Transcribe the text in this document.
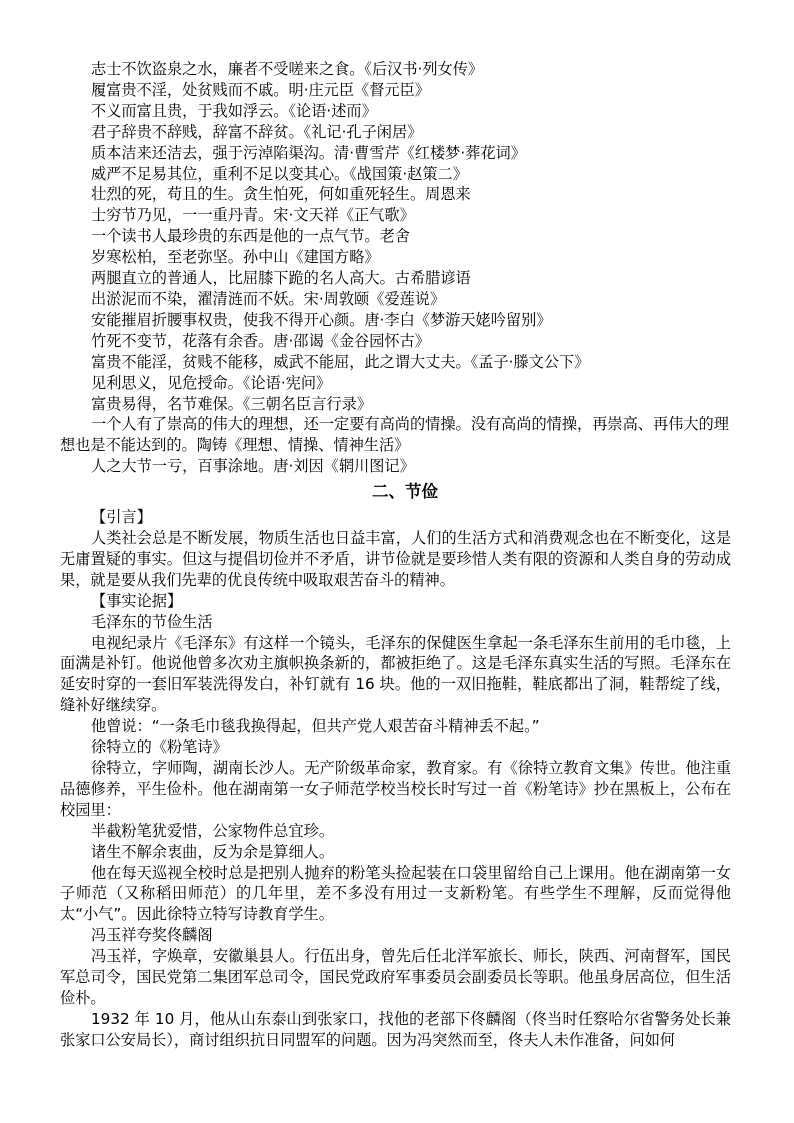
志士不饮盗泉之水，廉者不受嗟来之食。《后汉书·列女传》
履富贵不淫，处贫贱而不戚。明·庄元臣《督元臣》
不义而富且贵，于我如浮云。《论语·述而》
君子辞贵不辞贱，辞富不辞贫。《礼记·孔子闲居》
质本洁来还洁去，强于污淖陷渠沟。清·曹雪芹《红楼梦·葬花词》
威严不足易其位，重利不足以变其心。《战国策·赵策二》
壮烈的死，苟且的生。贪生怕死，何如重死轻生。周恩来
士穷节乃见，一一重丹青。宋·文天祥《正气歌》
一个读书人最珍贵的东西是他的一点气节。老舍
岁寒松柏，至老弥坚。孙中山《建国方略》
两腿直立的普通人，比屈膝下跪的名人高大。古希腊谚语
出淤泥而不染，濯清涟而不妖。宋·周敦颐《爱莲说》
安能摧眉折腰事权贵，使我不得开心颜。唐·李白《梦游天姥吟留别》
竹死不变节，花落有余香。唐·邵谒《金谷园怀古》
富贵不能淫，贫贱不能移，威武不能屈，此之谓大丈夫。《孟子·滕文公下》
见利思义，见危授命。《论语·宪问》
富贵易得，名节难保。《三朝名臣言行录》
一个人有了崇高的伟大的理想，还一定要有高尚的情操。没有高尚的情操，再崇高、再伟大的理想也是不能达到的。陶铸《理想、情操、情神生活》
人之大节一亏，百事涂地。唐·刘因《辋川图记》
二、节俭
【引言】
人类社会总是不断发展，物质生活也日益丰富，人们的生活方式和消费观念也在不断变化，这是无庸置疑的事实。但这与提倡切俭并不矛盾，讲节俭就是要珍惜人类有限的资源和人类自身的劳动成果，就是要从我们先辈的优良传统中吸取艰苦奋斗的精神。
【事实论据】
毛泽东的节俭生活
电视纪录片《毛泽东》有这样一个镜头，毛泽东的保健医生拿起一条毛泽东生前用的毛巾毯，上面满是补钉。他说他曾多次劝主旗帜换条新的，都被拒绝了。这是毛泽东真实生活的写照。毛泽东在延安时穿的一套旧军装洗得发白，补钉就有 16 块。他的一双旧拖鞋，鞋底都出了洞，鞋帮绽了线，缝补好继续穿。
他曾说：“一条毛巾毯我换得起，但共产党人艰苦奋斗精神丢不起。”
徐特立的《粉笔诗》
徐特立，字师陶，湖南长沙人。无产阶级革命家，教育家。有《徐特立教育文集》传世。他注重品德修养，平生俭朴。他在湖南第一女子师范学校当校长时写过一首《粉笔诗》抄在黑板上，公布在校园里：
半截粉笔犹爱惜，公家物件总宜珍。
诸生不解余衷曲，反为余是算细人。
他在每天巡视全校时总是把别人抛弃的粉笔头捡起装在口袋里留给自己上课用。他在湖南第一女子师范（又称稻田师范）的几年里，差不多没有用过一支新粉笔。有些学生不理解，反而觉得他太“小气”。因此徐特立特写诗教育学生。
冯玉祥夸奖佟麟阁
冯玉祥，字焕章，安徽巢县人。行伍出身，曾先后任北洋军旅长、师长，陕西、河南督军，国民军总司令，国民党第二集团军总司令，国民党政府军事委员会副委员长等职。他虽身居高位，但生活俭朴。
1932 年 10 月，他从山东泰山到张家口，找他的老部下佟麟阁（佟当时任察哈尔省警务处长兼张家口公安局长），商讨组织抗日同盟军的问题。因为冯突然而至，佟夫人未作准备，问如何
